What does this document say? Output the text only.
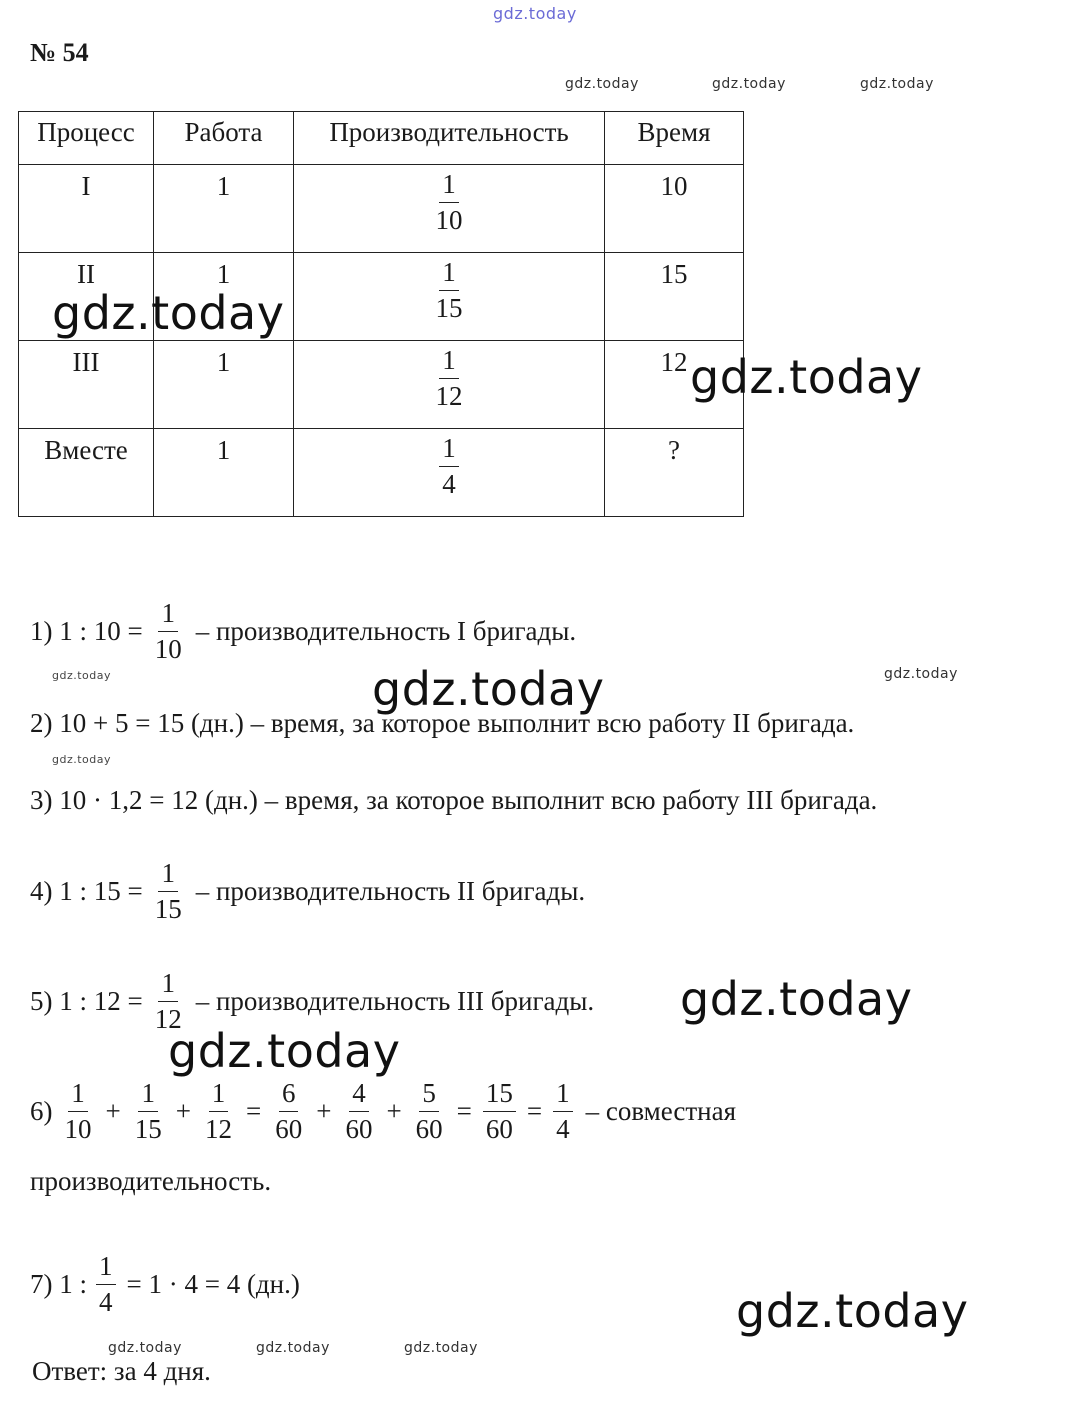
gdz.today
№ 54
gdz.today	gdz.today	gdz.today
Процесс	Работа	Производительность	Время
I	1	$\frac{1}{10}$	10
II	1	$\frac{1}{15}$	15
III	1	$\frac{1}{12}$	12
Вместе	1	$\frac{1}{4}$	?
gdz.today
gdz.today
1) 1 : $10 = \frac{1}{10}$ – производительность I бригады.
gdz.today	gdz.today	gdz.today
2) 10 + 5 = 15 (дн.) – время, за которое выполнит всю работу II бригада.
gdz.today
3) 10 · 1,2 = 12 (дн.) – время, за которое выполнит всю работу III бригада.
4) 1 : $15 = \frac{1}{15}$ – производительность II бригады.
5) 1 : $12 = \frac{1}{12}$ – производительность III бригады. gdz.today
gdz.today
$6) \frac{1}{10} + \frac{1}{15} + \frac{1}{12} = \frac{6}{60} + \frac{4}{60} + \frac{5}{60} = \frac{15}{60} = \frac{1}{4}$ – совместная
производительность.
7) 1 : $\frac{1}{4} = 1 \cdot 4 = 4$ (дн.)	gdz.today
gdz.today	gdz.today	gdz.today
Ответ: за 4 дня.
